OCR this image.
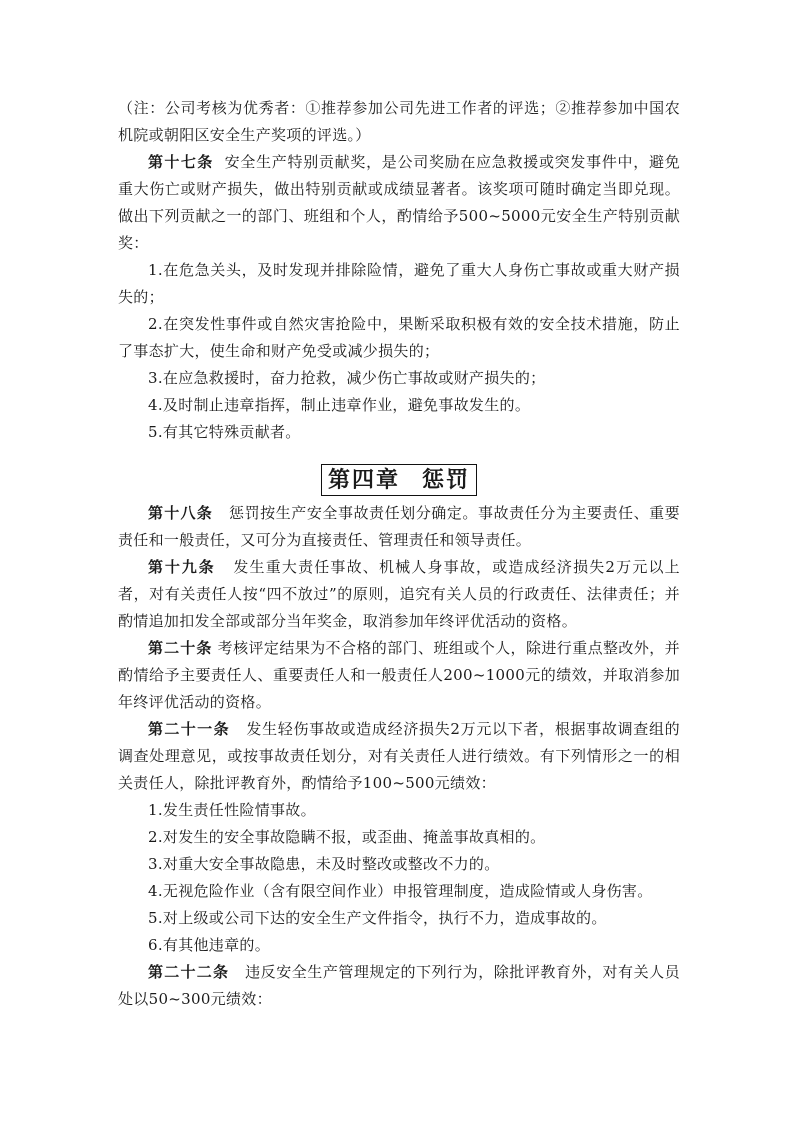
（注：公司考核为优秀者：①推荐参加公司先进工作者的评选；②推荐参加中国农机院或朝阳区安全生产奖项的评选。）

第十七条 安全生产特别贡献奖，是公司奖励在应急救援或突发事件中，避免重大伤亡或财产损失，做出特别贡献或成绩显著者。该奖项可随时确定当即兑现。做出下列贡献之一的部门、班组和个人，酌情给予500~5000元安全生产特别贡献奖：

1.在危急关头，及时发现并排除险情，避免了重大人身伤亡事故或重大财产损失的；

2.在突发性事件或自然灾害抢险中，果断采取积极有效的安全技术措施，防止了事态扩大，使生命和财产免受或减少损失的；

3.在应急救援时，奋力抢救，减少伤亡事故或财产损失的；

4.及时制止违章指挥，制止违章作业，避免事故发生的。

5.有其它特殊贡献者。

第四章 惩罚

第十八条 惩罚按生产安全事故责任划分确定。事故责任分为主要责任、重要责任和一般责任，又可分为直接责任、管理责任和领导责任。

第十九条 发生重大责任事故、机械人身事故，或造成经济损失2万元以上者，对有关责任人按“四不放过”的原则，追究有关人员的行政责任、法律责任；并酌情追加扣发全部或部分当年奖金，取消参加年终评优活动的资格。

第二十条 考核评定结果为不合格的部门、班组或个人，除进行重点整改外，并酌情给予主要责任人、重要责任人和一般责任人200~1000元的绩效，并取消参加年终评优活动的资格。

第二十一条 发生轻伤事故或造成经济损失2万元以下者，根据事故调查组的调查处理意见，或按事故责任划分，对有关责任人进行绩效。有下列情形之一的相关责任人，除批评教育外，酌情给予100~500元绩效：

1.发生责任性险情事故。

2.对发生的安全事故隐瞒不报，或歪曲、掩盖事故真相的。

3.对重大安全事故隐患，未及时整改或整改不力的。

4.无视危险作业（含有限空间作业）申报管理制度，造成险情或人身伤害。

5.对上级或公司下达的安全生产文件指令，执行不力，造成事故的。

6.有其他违章的。

第二十二条 违反安全生产管理规定的下列行为，除批评教育外，对有关人员处以50~300元绩效：
